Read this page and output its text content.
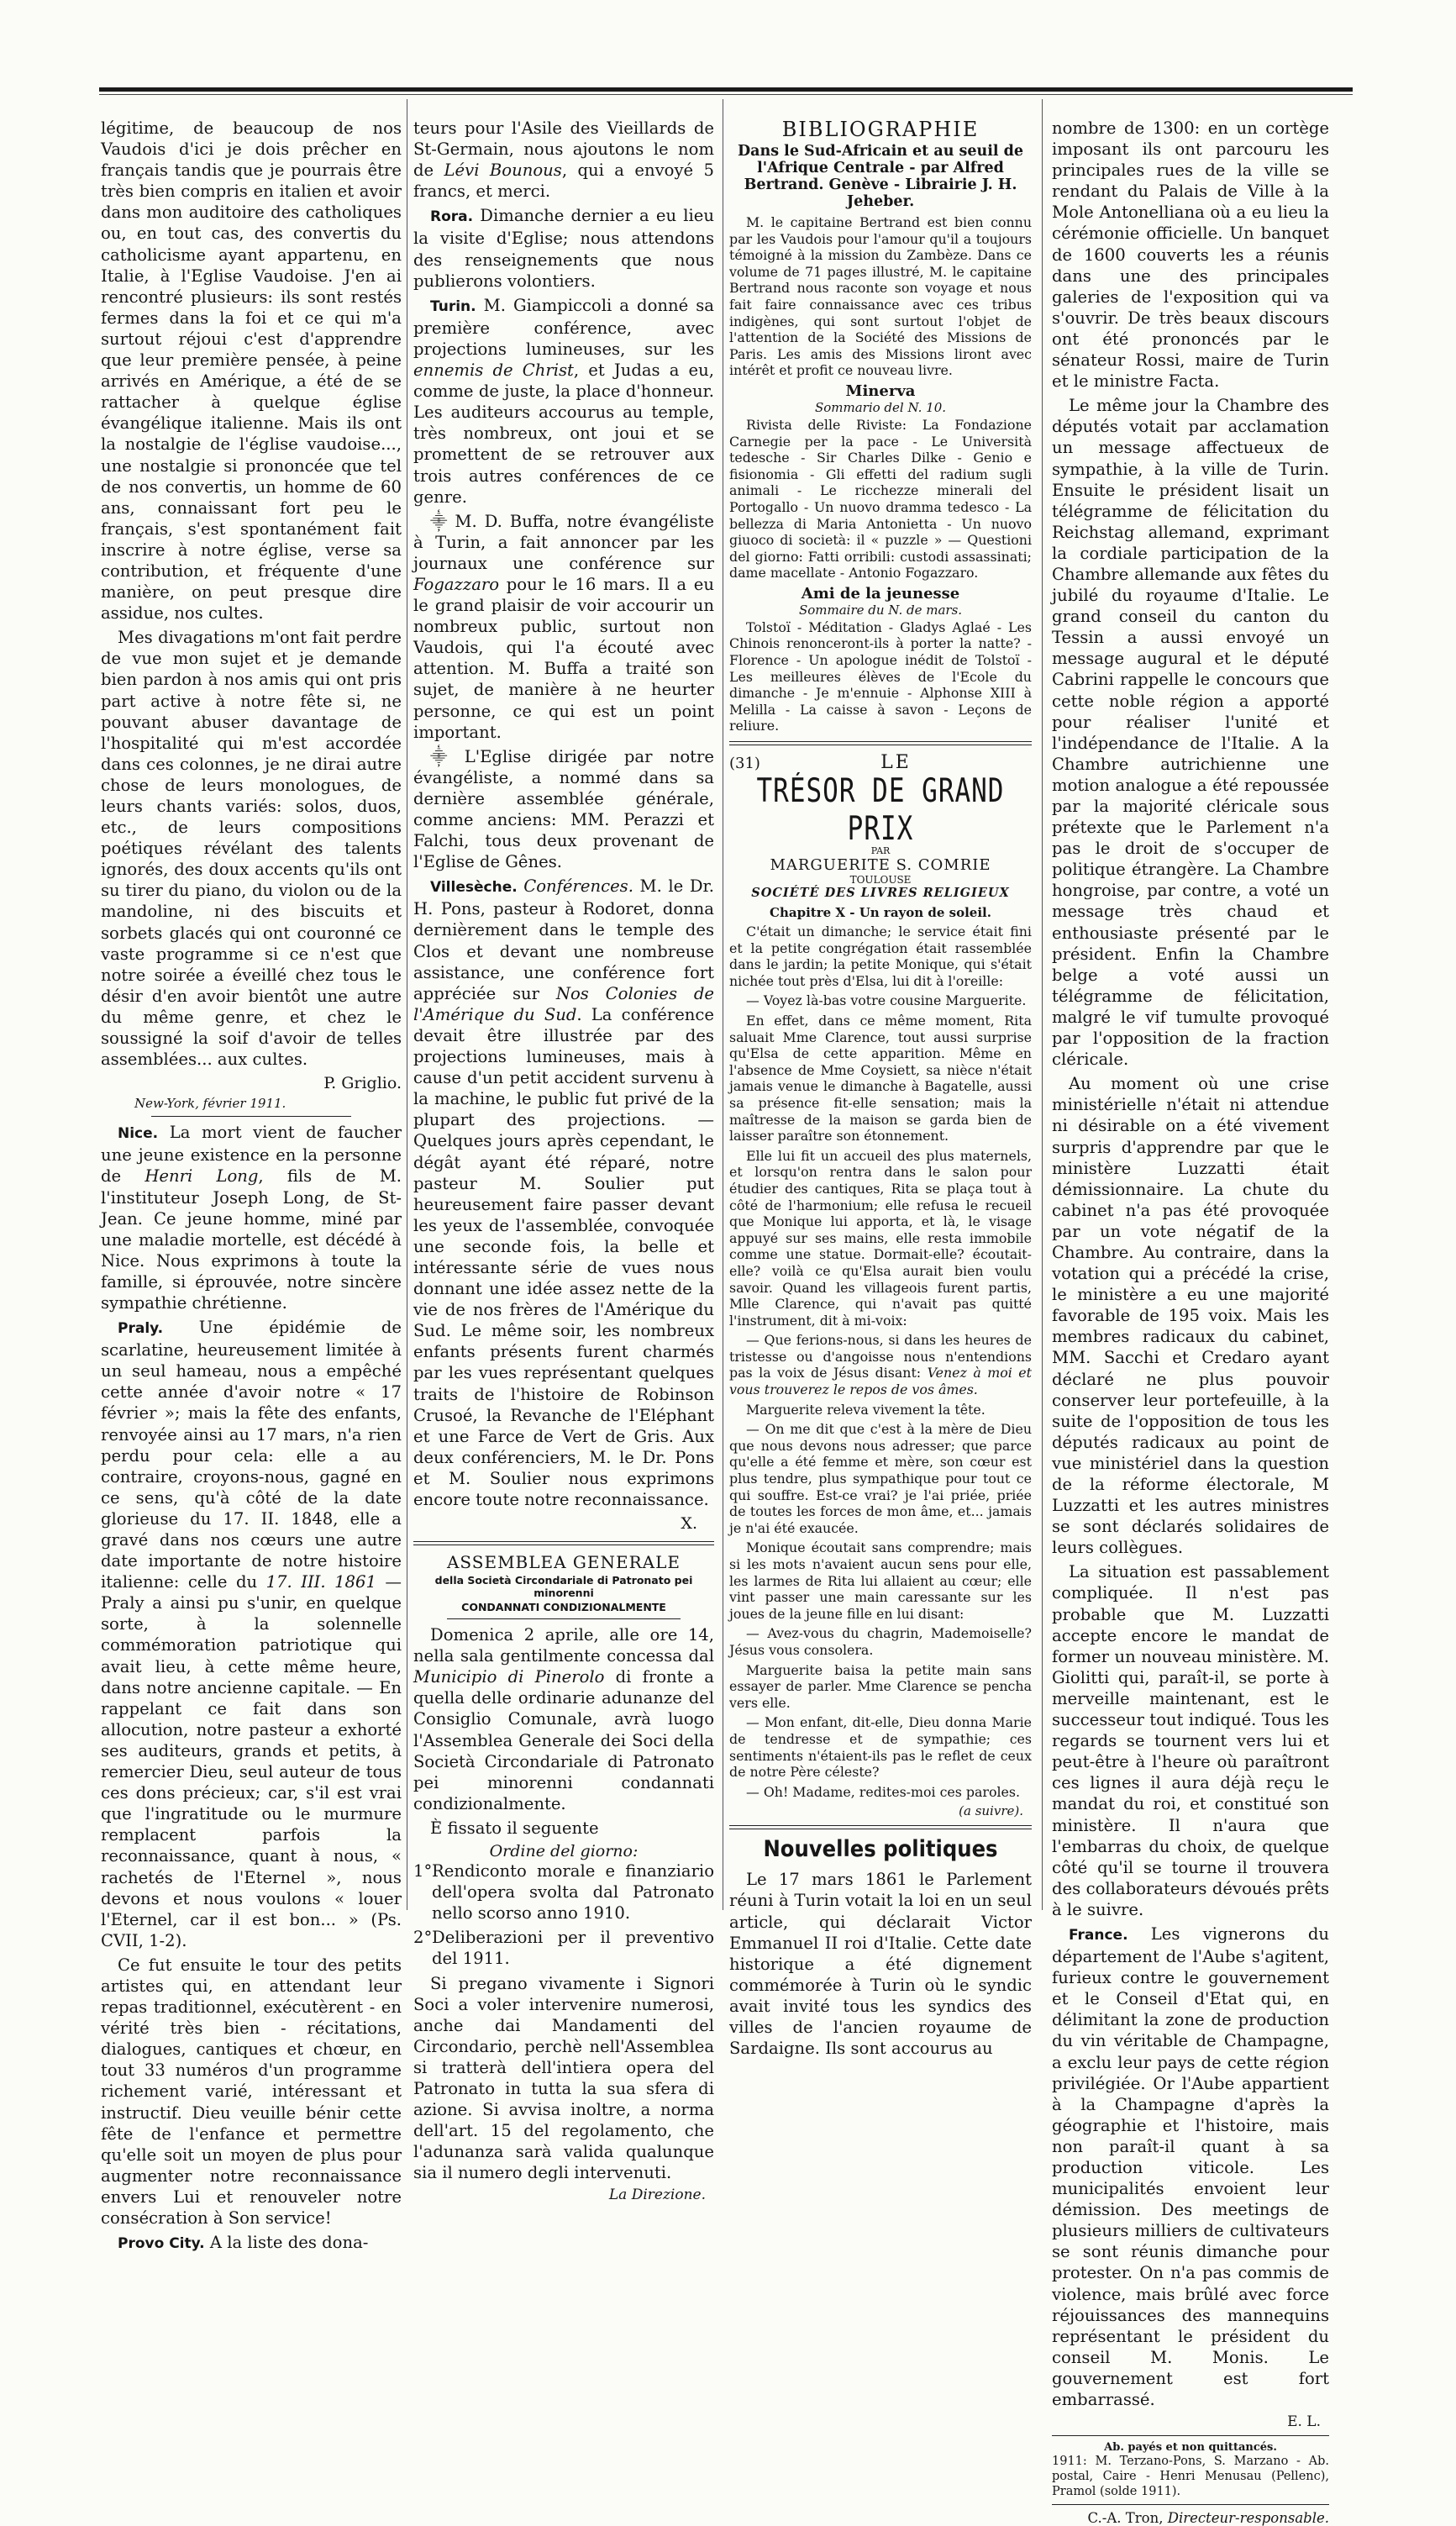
légitime, de beaucoup de nos Vaudois d'ici je dois prêcher en français tandis que je pourrais être très bien compris en italien et avoir dans mon auditoire des catholiques ou, en tout cas, des convertis du catholicisme ayant appartenu, en Italie, à l'Eglise Vaudoise. J'en ai rencontré plusieurs: ils sont restés fermes dans la foi et ce qui m'a surtout réjoui c'est d'apprendre que leur première pensée, à peine arrivés en Amérique, a été de se rattacher à quelque église évangélique italienne. Mais ils ont la nostalgie de l'église vaudoise..., une nostalgie si prononcée que tel de nos convertis, un homme de 60 ans, connaissant fort peu le français, s'est spontanément fait inscrire à notre église, verse sa contribution, et fréquente d'une manière, on peut presque dire assidue, nos cultes.

Mes divagations m'ont fait perdre de vue mon sujet et je demande bien pardon à nos amis qui ont pris part active à notre fête si, ne pouvant abuser davantage de l'hospitalité qui m'est accordée dans ces colonnes, je ne dirai autre chose de leurs monologues, de leurs chants variés: solos, duos, etc., de leurs compositions poétiques révélant des talents ignorés, des doux accents qu'ils ont su tirer du piano, du violon ou de la mandoline, ni des biscuits et sorbets glacés qui ont couronné ce vaste programme si ce n'est que notre soirée a éveillé chez tous le désir d'en avoir bientôt une autre du même genre, et chez le soussigné la soif d'avoir de telles assemblées... aux cultes.

P. Griglio.
New-York, février 1911.

Nice. La mort vient de faucher une jeune existence en la personne de Henri Long, fils de M. l'instituteur Joseph Long, de St-Jean. Ce jeune homme, miné par une maladie mortelle, est décédé à Nice. Nous exprimons à toute la famille, si éprouvée, notre sincère sympathie chrétienne.

Praly. Une épidémie de scarlatine, heureusement limitée à un seul hameau, nous a empêché cette année d'avoir notre « 17 février »; mais la fête des enfants, renvoyée ainsi au 17 mars, n'a rien perdu pour cela: elle a au contraire, croyons-nous, gagné en ce sens, qu'à côté de la date glorieuse du 17. II. 1848, elle a gravé dans nos cœurs une autre date importante de notre histoire italienne: celle du 17. III. 1861 — Praly a ainsi pu s'unir, en quelque sorte, à la solennelle commémoration patriotique qui avait lieu, à cette même heure, dans notre ancienne capitale. — En rappelant ce fait dans son allocution, notre pasteur a exhorté ses auditeurs, grands et petits, à remercier Dieu, seul auteur de tous ces dons précieux; car, s'il est vrai que l'ingratitude ou le murmure remplacent parfois la reconnaissance, quant à nous, « rachetés de l'Eternel », nous devons et nous voulons « louer l'Eternel, car il est bon... » (Ps. CVII, 1-2).

Ce fut ensuite le tour des petits artistes qui, en attendant leur repas traditionnel, exécutèrent - en vérité très bien - récitations, dialogues, cantiques et chœur, en tout 33 numéros d'un programme richement varié, intéressant et instructif. Dieu veuille bénir cette fête de l'enfance et permettre qu'elle soit un moyen de plus pour augmenter notre reconnaissance envers Lui et renouveler notre consécration à Son service!

Provo City. A la liste des dona-

teurs pour l'Asile des Vieillards de St-Germain, nous ajoutons le nom de Lévi Bounous, qui a envoyé 5 francs, et merci.

Rora. Dimanche dernier a eu lieu la visite d'Eglise; nous attendons des renseignements que nous publierons volontiers.

Turin. M. Giampiccoli a donné sa première conférence, avec projections lumineuses, sur les ennemis de Christ, et Judas a eu, comme de juste, la place d'honneur. Les auditeurs accourus au temple, très nombreux, ont joui et se promettent de se retrouver aux trois autres conférences de ce genre.

⸎ M. D. Buffa, notre évangéliste à Turin, a fait annoncer par les journaux une conférence sur Fogazzaro pour le 16 mars. Il a eu le grand plaisir de voir accourir un nombreux public, surtout non Vaudois, qui l'a écouté avec attention. M. Buffa a traité son sujet, de manière à ne heurter personne, ce qui est un point important.

⸎ L'Eglise dirigée par notre évangéliste, a nommé dans sa dernière assemblée générale, comme anciens: MM. Perazzi et Falchi, tous deux provenant de l'Eglise de Gênes.

Villesèche. Conférences. M. le Dr. H. Pons, pasteur à Rodoret, donna dernièrement dans le temple des Clos et devant une nombreuse assistance, une conférence fort appréciée sur Nos Colonies de l'Amérique du Sud. La conférence devait être illustrée par des projections lumineuses, mais à cause d'un petit accident survenu à la machine, le public fut privé de la plupart des projections. — Quelques jours après cependant, le dégât ayant été réparé, notre pasteur M. Soulier put heureusement faire passer devant les yeux de l'assemblée, convoquée une seconde fois, la belle et intéressante série de vues nous donnant une idée assez nette de la vie de nos frères de l'Amérique du Sud. Le même soir, les nombreux enfants présents furent charmés par les vues représentant quelques traits de l'histoire de Robinson Crusoé, la Revanche de l'Eléphant et une Farce de Vert de Gris. Aux deux conférenciers, M. le Dr. Pons et M. Soulier nous exprimons encore toute notre reconnaissance.

X.
ASSEMBLEA GENERALE
della Società Circondariale di Patronato pei minorenni
CONDANNATI CONDIZIONALMENTE

Domenica 2 aprile, alle ore 14, nella sala gentilmente concessa dal Municipio di Pinerolo di fronte a quella delle ordinarie adunanze del Consiglio Comunale, avrà luogo l'Assemblea Generale dei Soci della Società Circondariale di Patronato pei minorenni condannati condizionalmente.

È fissato il seguente

Ordine del giorno:

1°Rendiconto morale e finanziario dell'opera svolta dal Patronato nello scorso anno 1910.

2°Deliberazioni per il preventivo del 1911.

Si pregano vivamente i Signori Soci a voler intervenire numerosi, anche dai Mandamenti del Circondario, perchè nell'Assemblea si tratterà dell'intiera opera del Patronato in tutta la sua sfera di azione. Si avvisa inoltre, a norma dell'art. 15 del regolamento, che l'adunanza sarà valida qualunque sia il numero degli intervenuti.

La Direzione.
BIBLIOGRAPHIE
Dans le Sud-Africain et au seuil de l'Afrique Centrale - par Alfred Bertrand. Genève - Librairie J. H. Jeheber.

M. le capitaine Bertrand est bien connu par les Vaudois pour l'amour qu'il a toujours témoigné à la mission du Zambèze. Dans ce volume de 71 pages illustré, M. le capitaine Bertrand nous raconte son voyage et nous fait faire connaissance avec ces tribus indigènes, qui sont surtout l'objet de l'attention de la Société des Missions de Paris. Les amis des Missions liront avec intérêt et profit ce nouveau livre.

Minerva
Sommario del N. 10.

Rivista delle Riviste: La Fondazione Carnegie per la pace - Le Università tedesche - Sir Charles Dilke - Genio e fisionomia - Gli effetti del radium sugli animali - Le ricchezze minerali del Portogallo - Un nuovo dramma tedesco - La bellezza di Maria Antonietta - Un nuovo giuoco di società: il « puzzle » — Questioni del giorno: Fatti orribili: custodi assassinati; dame macellate - Antonio Fogazzaro.

Ami de la jeunesse
Sommaire du N. de mars.

Tolstoï - Méditation - Gladys Aglaé - Les Chinois renonceront-ils à porter la natte? - Florence - Un apologue inédit de Tolstoï - Les meilleures élèves de l'Ecole du dimanche - Je m'ennuie - Alphonse XIII à Melilla - La caisse à savon - Leçons de reliure.

(31)	LE
TRÉSOR DE GRAND PRIX
PAR
MARGUERITE S. COMRIE
TOULOUSE
SOCIÉTÉ DES LIVRES RELIGIEUX
Chapitre X - Un rayon de soleil.

C'était un dimanche; le service était fini et la petite congrégation était rassemblée dans le jardin; la petite Monique, qui s'était nichée tout près d'Elsa, lui dit à l'oreille:

— Voyez là-bas votre cousine Marguerite.

En effet, dans ce même moment, Rita saluait Mme Clarence, tout aussi surprise qu'Elsa de cette apparition. Même en l'absence de Mme Coysiett, sa nièce n'était jamais venue le dimanche à Bagatelle, aussi sa présence fit-elle sensation; mais la maîtresse de la maison se garda bien de laisser paraître son étonnement.

Elle lui fit un accueil des plus maternels, et lorsqu'on rentra dans le salon pour étudier des cantiques, Rita se plaça tout à côté de l'harmonium; elle refusa le recueil que Monique lui apporta, et là, le visage appuyé sur ses mains, elle resta immobile comme une statue. Dormait-elle? écoutait-elle? voilà ce qu'Elsa aurait bien voulu savoir. Quand les villageois furent partis, Mlle Clarence, qui n'avait pas quitté l'instrument, dit à mi-voix:

— Que ferions-nous, si dans les heures de tristesse ou d'angoisse nous n'entendions pas la voix de Jésus disant: Venez à moi et vous trouverez le repos de vos âmes.

Marguerite releva vivement la tête.

— On me dit que c'est à la mère de Dieu que nous devons nous adresser; que parce qu'elle a été femme et mère, son cœur est plus tendre, plus sympathique pour tout ce qui souffre. Est-ce vrai? je l'ai priée, priée de toutes les forces de mon âme, et... jamais je n'ai été exaucée.

Monique écoutait sans comprendre; mais si les mots n'avaient aucun sens pour elle, les larmes de Rita lui allaient au cœur; elle vint passer une main caressante sur les joues de la jeune fille en lui disant:

— Avez-vous du chagrin, Mademoiselle? Jésus vous consolera.

Marguerite baisa la petite main sans essayer de parler. Mme Clarence se pencha vers elle.

— Mon enfant, dit-elle, Dieu donna Marie de tendresse et de sympathie; ces sentiments n'étaient-ils pas le reflet de ceux de notre Père céleste?

— Oh! Madame, redites-moi ces paroles.

(a suivre).
Nouvelles politiques

Le 17 mars 1861 le Parlement réuni à Turin votait la loi en un seul article, qui déclarait Victor Emmanuel II roi d'Italie. Cette date historique a été dignement commémorée à Turin où le syndic avait invité tous les syndics des villes de l'ancien royaume de Sardaigne. Ils sont accourus au

nombre de 1300: en un cortège imposant ils ont parcouru les principales rues de la ville se rendant du Palais de Ville à la Mole Antonelliana où a eu lieu la cérémonie officielle. Un banquet de 1600 couverts les a réunis dans une des principales galeries de l'exposition qui va s'ouvrir. De très beaux discours ont été prononcés par le sénateur Rossi, maire de Turin et le ministre Facta.

Le même jour la Chambre des députés votait par acclamation un message affectueux de sympathie, à la ville de Turin. Ensuite le président lisait un télégramme de félicitation du Reichstag allemand, exprimant la cordiale participation de la Chambre allemande aux fêtes du jubilé du royaume d'Italie. Le grand conseil du canton du Tessin a aussi envoyé un message augural et le député Cabrini rappelle le concours que cette noble région a apporté pour réaliser l'unité et l'indépendance de l'Italie. A la Chambre autrichienne une motion analogue a été repoussée par la majorité cléricale sous prétexte que le Parlement n'a pas le droit de s'occuper de politique étrangère. La Chambre hongroise, par contre, a voté un message très chaud et enthousiaste présenté par le président. Enfin la Chambre belge a voté aussi un télégramme de félicitation, malgré le vif tumulte provoqué par l'opposition de la fraction cléricale.

Au moment où une crise ministérielle n'était ni attendue ni désirable on a été vivement surpris d'apprendre par que le ministère Luzzatti était démissionnaire. La chute du cabinet n'a pas été provoquée par un vote négatif de la Chambre. Au contraire, dans la votation qui a précédé la crise, le ministère a eu une majorité favorable de 195 voix. Mais les membres radicaux du cabinet, MM. Sacchi et Credaro ayant déclaré ne plus pouvoir conserver leur portefeuille, à la suite de l'opposition de tous les députés radicaux au point de vue ministériel dans la question de la réforme électorale, M Luzzatti et les autres ministres se sont déclarés solidaires de leurs collègues.

La situation est passablement compliquée. Il n'est pas probable que M. Luzzatti accepte encore le mandat de former un nouveau ministère. M. Giolitti qui, paraît-il, se porte à merveille maintenant, est le successeur tout indiqué. Tous les regards se tournent vers lui et peut-être à l'heure où paraîtront ces lignes il aura déjà reçu le mandat du roi, et constitué son ministère. Il n'aura que l'embarras du choix, de quelque côté qu'il se tourne il trouvera des collaborateurs dévoués prêts à le suivre.

France. Les vignerons du département de l'Aube s'agitent, furieux contre le gouvernement et le Conseil d'Etat qui, en délimitant la zone de production du vin véritable de Champagne, a exclu leur pays de cette région privilégiée. Or l'Aube appartient à la Champagne d'après la géographie et l'histoire, mais non paraît-il quant à sa production viticole. Les municipalités envoient leur démission. Des meetings de plusieurs milliers de cultivateurs se sont réunis dimanche pour protester. On n'a pas commis de violence, mais brûlé avec force réjouissances des mannequins représentant le président du conseil M. Monis. Le gouvernement est fort embarrassé.

E. L.
Ab. payés et non quittancés.

1911: M. Terzano-Pons, S. Marzano - Ab. postal, Caire - Henri Menusau (Pellenc), Pramol (solde 1911).

C.-A. Tron, Directeur-responsable.
